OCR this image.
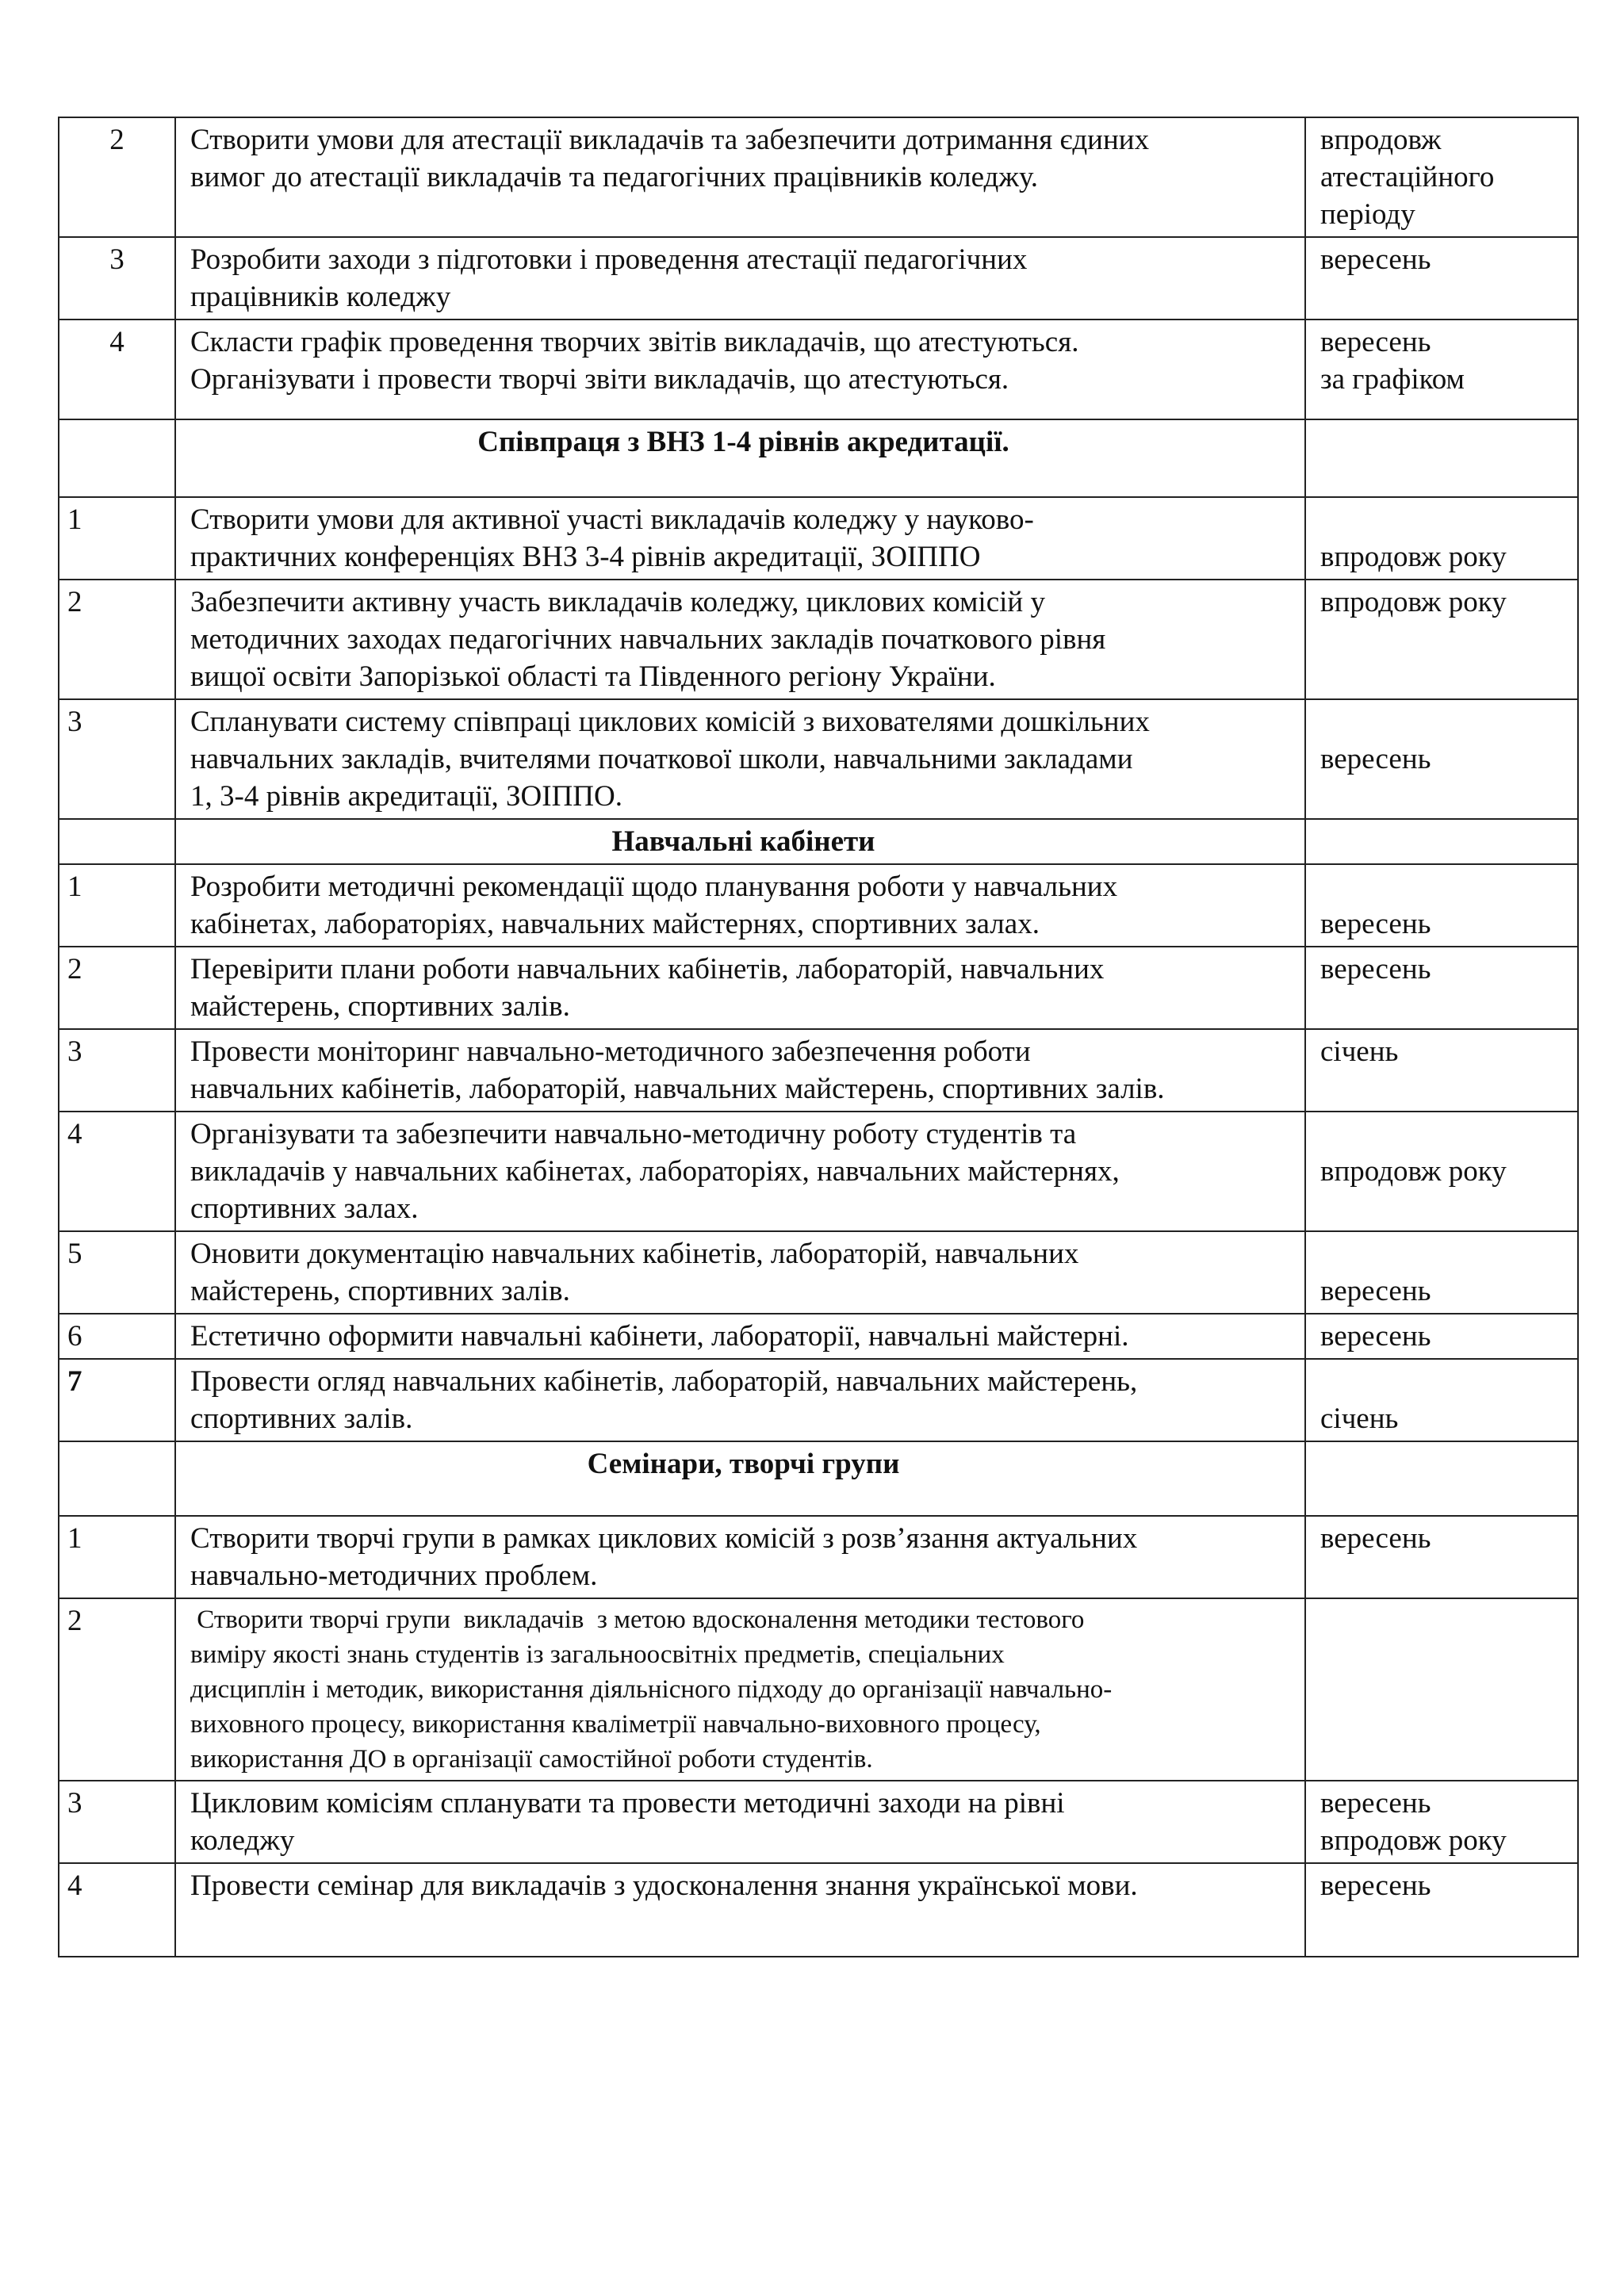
2	Створити умови для атестації викладачів та забезпечити дотримання єдиних
вимог до атестації викладачів та педагогічних працівників коледжу.	впродовж
атестаційного
періоду

3	Розробити заходи з підготовки і проведення атестації педагогічних
працівників коледжу	вересень

4	Скласти графік проведення творчих звітів викладачів, що атестуються.
Організувати і провести творчі звіти викладачів, що атестуються.	вересень
за графіком

	Співпраця з ВНЗ 1-4 рівнів акредитації.	
1	Створити умови для активної участі викладачів коледжу у науково-
практичних конференціях ВНЗ 3-4 рівнів акредитації, ЗОІППО	впродовж року

2	Забезпечити активну участь викладачів коледжу, циклових комісій у
методичних заходах педагогічних навчальних закладів початкового рівня
вищої освіти Запорізької області та Південного регіону України.	впродовж року

3	Спланувати систему співпраці циклових комісій з вихователями дошкільних
навчальних закладів, вчителями початкової школи, навчальними закладами
1, 3-4 рівнів акредитації, ЗОІППО.	вересень

	Навчальні кабінети	
1	Розробити методичні рекомендації щодо планування роботи у навчальних
кабінетах, лабораторіях, навчальних майстернях, спортивних залах.	вересень

2	Перевірити плани роботи навчальних кабінетів, лабораторій, навчальних
майстерень, спортивних залів.	вересень

3	Провести моніторинг навчально-методичного забезпечення роботи
навчальних кабінетів, лабораторій, навчальних майстерень, спортивних залів.	січень

4	Організувати та забезпечити навчально-методичну роботу студентів та
викладачів у навчальних кабінетах, лабораторіях, навчальних майстернях,
спортивних залах.	впродовж року

5	Оновити документацію навчальних кабінетів, лабораторій, навчальних
майстерень, спортивних залів.	вересень

6	Естетично оформити навчальні кабінети, лабораторії, навчальні майстерні.	вересень

7	Провести огляд навчальних кабінетів, лабораторій, навчальних майстерень,
спортивних залів.	січень

	Семінари, творчі групи	
1	Створити творчі групи в рамках циклових комісій з розв’язання актуальних
навчально-методичних проблем.	вересень

2	Створити творчі групи  викладачів  з метою вдосконалення методики тестового
виміру якості знань студентів із загальноосвітніх предметів, спеціальних
дисциплін і методик, використання діяльнісного підходу до організації навчально-
виховного процесу, використання кваліметрії навчально-виховного процесу,
використання ДО в організації самостійної роботи студентів.	

3	Цикловим комісіям спланувати та провести методичні заходи на рівні
коледжу	вересень
впродовж року

4	Провести семінар для викладачів з удосконалення знання української мови.	вересень
